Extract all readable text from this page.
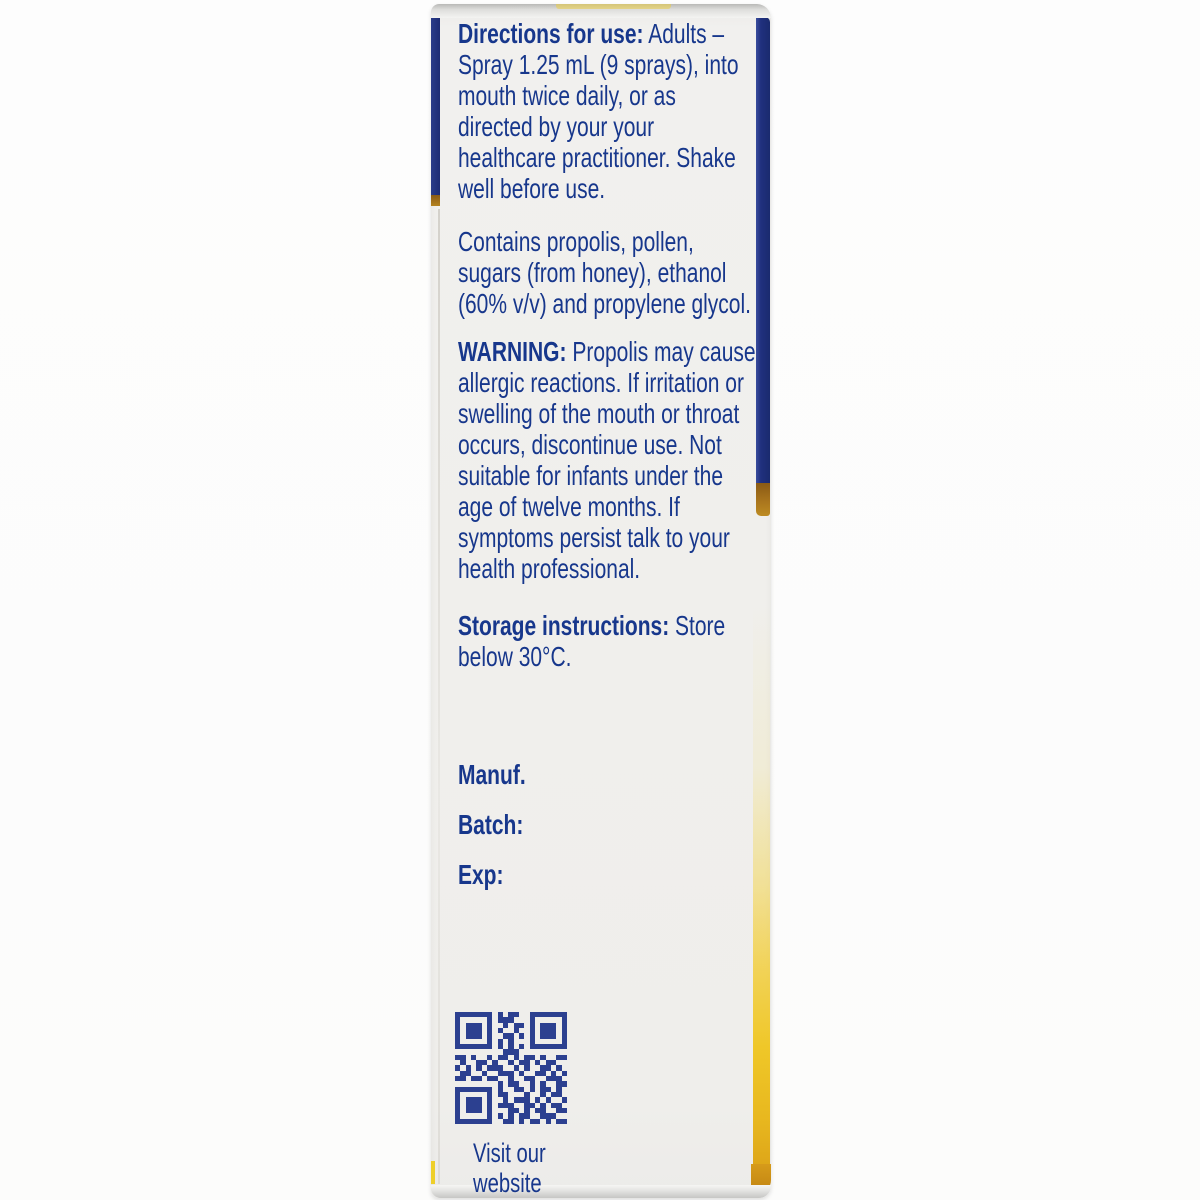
Storage instructions: Store
below 30°C.
WARNING: Propolis may cause
allergic reactions. If irritation or
swelling of the mouth or throat
occurs, discontinue use. Not
suitable for infants under the
age of twelve months. If
symptoms persist talk to your
health professional.
Contains propolis, pollen,
sugars (from honey), ethanol
(60% v/v) and propylene glycol.
Directions for use: Adults –
Spray 1.25 mL (9 sprays), into
mouth twice daily, or as
directed by your your
healthcare practitioner. Shake
well before use.
Manuf.
Batch:
Exp:
Visit our
website
